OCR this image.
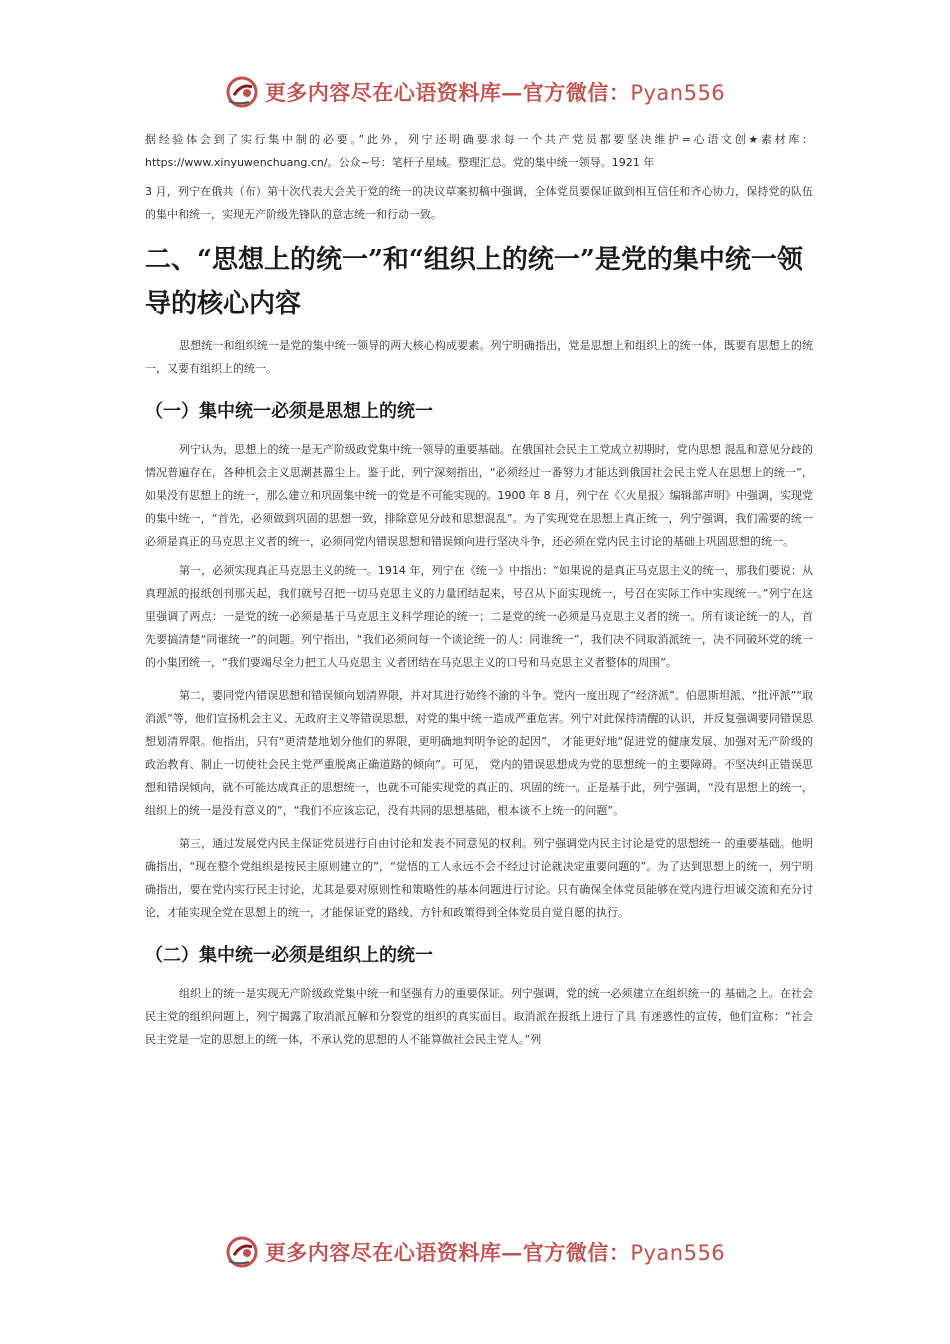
更多内容尽在心语资料库—官方微信：Pyan556

据经验体会到了实行集中制的必要。”此外，列宁还明确要求每一个共产党员都要坚决维护=心语文创★素材库：https://www.xinyuwenchuang.cn/。公众~号：笔杆子星域。整理汇总。党的集中统一领导。1921 年

3 月，列宁在俄共（布）第十次代表大会关于党的统一的决议草案初稿中强调，全体党员要保证做到相互信任和齐心协力，保持党的队伍的集中和统一，实现无产阶级先锋队的意志统一和行动一致。

二、“思想上的统一”和“组织上的统一”是党的集中统一领导的核心内容

思想统一和组织统一是党的集中统一领导的两大核心构成要素。列宁明确指出，党是思想上和组织上的统一体，既要有思想上的统一，又要有组织上的统一。

（一）集中统一必须是思想上的统一

列宁认为，思想上的统一是无产阶级政党集中统一领导的重要基础。在俄国社会民主工党成立初期时，党内思想 混乱和意见分歧的情况普遍存在，各种机会主义思潮甚嚣尘上。鉴于此，列宁深刻指出，“必须经过一番努力才能达到俄国社会民主党人在思想上的统一”，如果没有思想上的统一，那么建立和巩固集中统一的党是不可能实现的。1900 年 8 月，列宁在《〈火星报〉编辑部声明》中强调，实现党的集中统一，“首先，必须做到巩固的思想一致，排除意见分歧和思想混乱”。为了实现党在思想上真正统一，列宁强调，我们需要的统一必须是真正的马克思主义者的统一，必须同党内错误思想和错误倾向进行坚决斗争，还必须在党内民主讨论的基础上巩固思想的统一。

第一，必须实现真正马克思主义的统一。1914 年，列宁在《统一》中指出：“如果说的是真正马克思主义的统一，那我们要说：从真理派的报纸创刊那天起，我们就号召把一切马克思主义的力量团结起来，号召从下面实现统一，号召在实际工作中实现统一。”列宁在这里强调了两点：一是党的统一必须是基于马克思主义科学理论的统一；二是党的统一必须是马克思主义者的统一。所有谈论统一的人，首先要搞清楚“同谁统一”的问题。列宁指出，“我们必须问每一个谈论统一的人：同谁统一”，我们决不同取消派统一，决不同破坏党的统一的小集团统一，“我们要竭尽全力把工人马克思主 义者团结在马克思主义的口号和马克思主义者整体的周围”。

第二，要同党内错误思想和错误倾向划清界限，并对其进行始终不渝的斗争。党内一度出现了“经济派”、伯恩斯坦派、“批评派”“取消派”等，他们宣扬机会主义、无政府主义等错误思想，对党的集中统一造成严重危害。列宁对此保持清醒的认识，并反复强调要同错误思想划清界限。他指出，只有“更清楚地划分他们的界限，更明确地判明争论的起因”， 才能更好地“促进党的健康发展、加强对无产阶级的政治教育、制止一切使社会民主党严重脱离正确道路的倾向”。可见， 党内的错误思想成为党的思想统一的主要障碍。不坚决纠正错误思想和错误倾向，就不可能达成真正的思想统一，也就不可能实现党的真正的、巩固的统一。正是基于此，列宁强调，“没有思想上的统一，组织上的统一是没有意义的”，“我们不应该忘记，没有共同的思想基础，根本谈不上统一的问题”。

第三，通过发展党内民主保证党员进行自由讨论和发表不同意见的权利。列宁强调党内民主讨论是党的思想统一 的重要基础。他明确指出，“现在整个党组织是按民主原则建立的”，“觉悟的工人永远不会不经过讨论就决定重要问题的”。为了达到思想上的统一，列宁明确指出，要在党内实行民主讨论，尤其是要对原则性和策略性的基本问题进行讨论。只有确保全体党员能够在党内进行坦诚交流和充分讨论，才能实现全党在思想上的统一，才能保证党的路线、方针和政策得到全体党员自觉自愿的执行。

（二）集中统一必须是组织上的统一

组织上的统一是实现无产阶级政党集中统一和坚强有力的重要保证。列宁强调，党的统一必须建立在组织统一的 基础之上。在社会民主党的组织问题上，列宁揭露了取消派瓦解和分裂党的组织的真实面目。取消派在报纸上进行了具 有迷惑性的宣传，他们宣称：“社会民主党是一定的思想上的统一体，不承认党的思想的人不能算做社会民主党人。”列

更多内容尽在心语资料库—官方微信：Pyan556
